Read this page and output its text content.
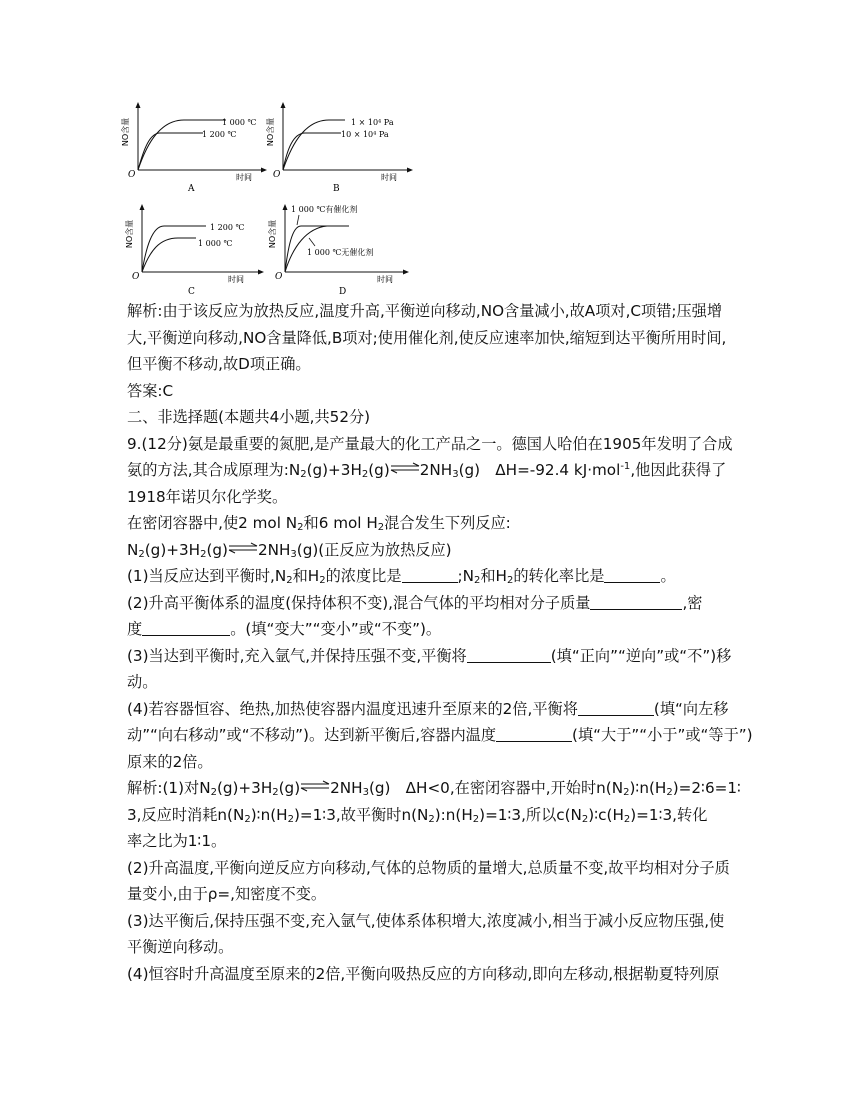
NO含量	1 000 ℃
1 200 ℃
O	时间
A
NO含量	1 × 10⁴ Pa
10 × 10⁴ Pa
O	时间
B
NO含量	1 200 ℃
1 000 ℃
O	时间
C
NO含量
1 000 ℃有催化剂
1 000 ℃无催化剂
O	时间
D
解析:由于该反应为放热反应,温度升高,平衡逆向移动,NO含量减小,故A项对,C项错;压强增
大,平衡逆向移动,NO含量降低,B项对;使用催化剂,使反应速率加快,缩短到达平衡所用时间,
但平衡不移动,故D项正确。
答案:C
二、非选择题(本题共4小题,共52分)
9.(12分)氨是最重要的氮肥,是产量最大的化工产品之一。德国人哈伯在1905年发明了合成
氨的方法,其合成原理为$:N_2(g)+3H_2(g)\rightleftharpoons 2NH_3(g)$　ΔH=-92.4 kJ·mol$^{-1}$,他因此获得了
1918年诺贝尔化学奖。
在密闭容器中,使2 mol $N_2$和6 mol $H_2$混合发生下列反应:
$N_2(g)+3H_2(g)\rightleftharpoons 2NH_3(g)$(正反应为放热反应)
(1)当反应达到平衡时$,N_2$和$H_2$的浓度比是	$;N_2$和$H_2$的转化率比是	。
(2)升高平衡体系的温度(保持体积不变),混合气体的平均相对分子质量	,密
度	。(填“变大”“变小”或“不变”)。
(3)当达到平衡时,充入氩气,并保持压强不变,平衡将	(填“正向”“逆向”或“不”)移
动。
(4)若容器恒容、绝热,加热使容器内温度迅速升至原来的2倍,平衡将	(填“向左移
动”“向右移动”或“不移动”)。达到新平衡后,容器内温度	(填“大于”“小于”或“等于”)
原来的2倍。
解析:(1)对$N_2(g)+3H_2(g)\rightleftharpoons 2NH_3(g)$　ΔH<0,在密闭容器中,开始时$n(N_2)∶n(H_2)=2∶6=1∶$
3,反应时消耗$n(N_2)∶n(H_2)=1∶3$,故平衡时$n(N_2):n(H_2)=1∶3$,所以$c(N_2)∶c(H_2)=1∶3$,转化
率之比为1∶1。
(2)升高温度,平衡向逆反应方向移动,气体的总物质的量增大,总质量不变,故平均相对分子质
量变小,由于ρ=,知密度不变。
(3)达平衡后,保持压强不变,充入氩气,使体系体积增大,浓度减小,相当于减小反应物压强,使
平衡逆向移动。
(4)恒容时升高温度至原来的2倍,平衡向吸热反应的方向移动,即向左移动,根据勒夏特列原
